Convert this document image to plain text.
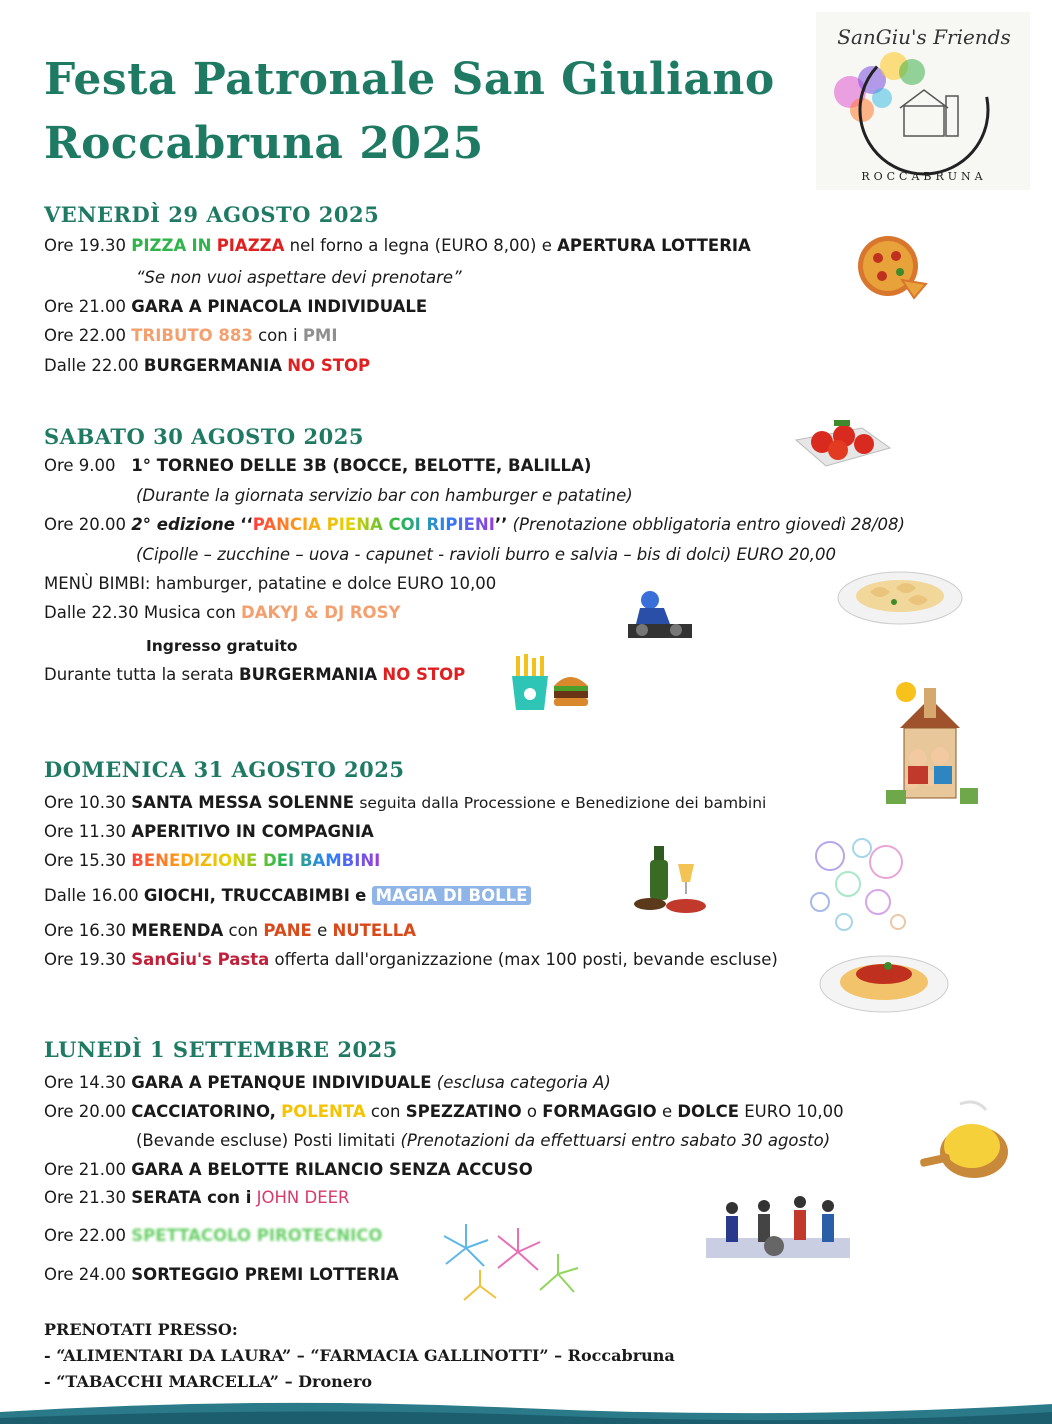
ROCCABRUNA
SanGiu's Friends
Festa Patronale San Giuliano
Roccabruna 2025
VENERDÌ 29 AGOSTO 2025
Ore 19.30 PIZZA IN PIAZZA nel forno a legna (EURO 8,00) e APERTURA LOTTERIA
“Se non vuoi aspettare devi prenotare”
Ore 21.00 GARA A PINACOLA INDIVIDUALE
Ore 22.00 TRIBUTO 883 con i PMI
Dalle 22.00 BURGERMANIA NO STOP
SABATO 30 AGOSTO 2025
Ore 9.00 1° TORNEO DELLE 3B (BOCCE, BELOTTE, BALILLA)
(Durante la giornata servizio bar con hamburger e patatine)
Ore 20.00 2° edizione ‘‘PANCIA PIENA COI RIPIENI’’ (Prenotazione obbligatoria entro giovedì 28/08)
(Cipolle – zucchine – uova - capunet - ravioli burro e salvia – bis di dolci) EURO 20,00
MENÙ BIMBI: hamburger, patatine e dolce EURO 10,00
Dalle 22.30 Musica con DAKYJ & DJ ROSY
Ingresso gratuito
Durante tutta la serata BURGERMANIA NO STOP
DOMENICA 31 AGOSTO 2025
Ore 10.30 SANTA MESSA SOLENNE seguita dalla Processione e Benedizione dei bambini
Ore 11.30 APERITIVO IN COMPAGNIA
Ore 15.30 BENEDIZIONE DEI BAMBINI
Dalle 16.00 GIOCHI, TRUCCABIMBI e MAGIA DI BOLLE
Ore 16.30 MERENDA con PANE e NUTELLA
Ore 19.30 SanGiu's Pasta offerta dall'organizzazione (max 100 posti, bevande escluse)
LUNEDÌ 1 SETTEMBRE 2025
Ore 14.30 GARA A PETANQUE INDIVIDUALE (esclusa categoria A)
Ore 20.00 CACCIATORINO, POLENTA con SPEZZATINO o FORMAGGIO e DOLCE EURO 10,00
(Bevande escluse) Posti limitati (Prenotazioni da effettuarsi entro sabato 30 agosto)
Ore 21.00 GARA A BELOTTE RILANCIO SENZA ACCUSO
Ore 21.30 SERATA con i JOHN DEER
Ore 22.00 SPETTACOLO PIROTECNICO
Ore 24.00 SORTEGGIO PREMI LOTTERIA
PRENOTATI PRESSO:
- “ALIMENTARI DA LAURA” – “FARMACIA GALLINOTTI” – Roccabruna
- “TABACCHI MARCELLA” – Dronero
